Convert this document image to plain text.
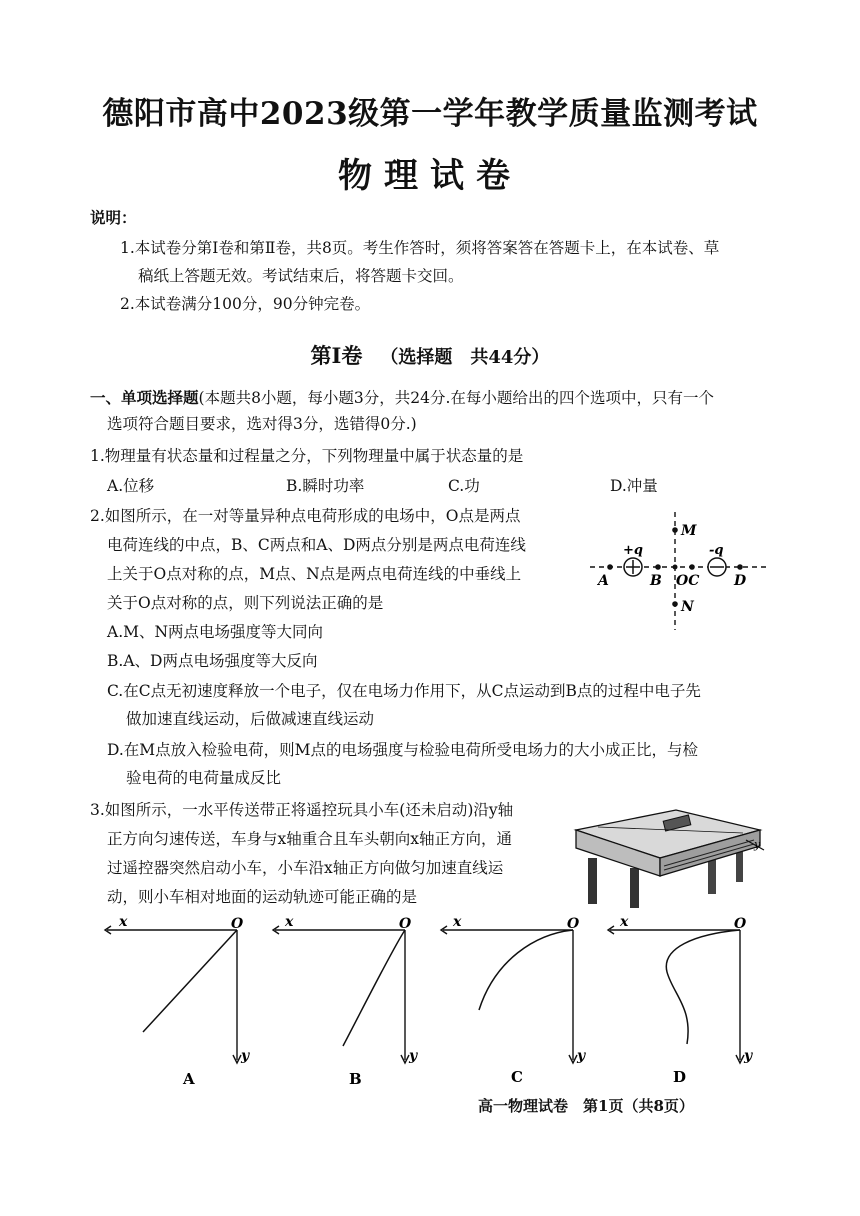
德阳市高中2023级第一学年教学质量监测考试
物理试卷
说明：
1.本试卷分第Ⅰ卷和第Ⅱ卷，共8页。考生作答时，须将答案答在答题卡上，在本试卷、草
稿纸上答题无效。考试结束后，将答题卡交回。
2.本试卷满分100分，90分钟完卷。
第Ⅰ卷 （选择题　共44分）
一、单项选择题(本题共8小题，每小题3分，共24分.在每小题给出的四个选项中，只有一个
选项符合题目要求，选对得3分，选错得0分.)
1.物理量有状态量和过程量之分，下列物理量中属于状态量的是
A.位移	B.瞬时功率	C.功	D.冲量
2.如图所示，在一对等量异种点电荷形成的电场中，O点是两点
电荷连线的中点，B、C两点和A、D两点分别是两点电荷连线
上关于O点对称的点，M点、N点是两点电荷连线的中垂线上
关于O点对称的点，则下列说法正确的是
A.M、N两点电场强度等大同向
B.A、D两点电场强度等大反向
C.在C点无初速度释放一个电子，仅在电场力作用下，从C点运动到B点的过程中电子先
做加速直线运动，后做减速直线运动
D.在M点放入检验电荷，则M点的电场强度与检验电荷所受电场力的大小成正比，与检
验电荷的电荷量成反比
M
N
+q	-q
A	B OC D
3.如图所示，一水平传送带正将遥控玩具小车(还未启动)沿y轴
正方向匀速传送，车身与x轴重合且车头朝向x轴正方向，通
过遥控器突然启动小车，小车沿x轴正方向做匀加速直线运
动，则小车相对地面的运动轨迹可能正确的是
y
x	O
y
A
x	O
y
B
x	O
y
C
x	O
y
D
高一物理试卷　第1页（共8页）
